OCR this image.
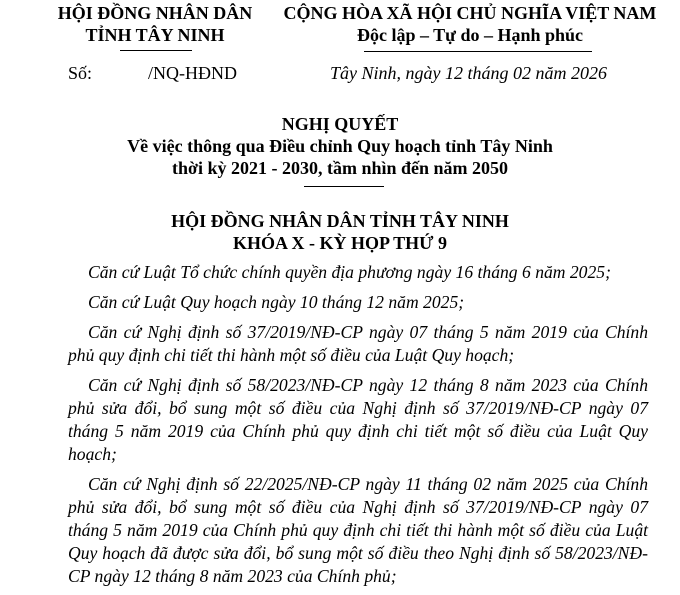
HỘI ĐỒNG NHÂN DÂN
TỈNH TÂY NINH
CỘNG HÒA XÃ HỘI CHỦ NGHĨA VIỆT NAM
Độc lập – Tự do – Hạnh phúc
Số:	/NQ-HĐND	Tây Ninh, ngày 12 tháng 02 năm 2026
NGHỊ QUYẾT
Về việc thông qua Điều chỉnh Quy hoạch tỉnh Tây Ninh
thời kỳ 2021 - 2030, tầm nhìn đến năm 2050
HỘI ĐỒNG NHÂN DÂN TỈNH TÂY NINH
KHÓA X - KỲ HỌP THỨ 9

Căn cứ Luật Tổ chức chính quyền địa phương ngày 16 tháng 6 năm 2025;

Căn cứ Luật Quy hoạch ngày 10 tháng 12 năm 2025;

Căn cứ Nghị định số 37/2019/NĐ-CP ngày 07 tháng 5 năm 2019 của Chính phủ quy định chi tiết thi hành một số điều của Luật Quy hoạch;

Căn cứ Nghị định số 58/2023/NĐ-CP ngày 12 tháng 8 năm 2023 của Chính phủ sửa đổi, bổ sung một số điều của Nghị định số 37/2019/NĐ-CP ngày 07 tháng 5 năm 2019 của Chính phủ quy định chi tiết một số điều của Luật Quy hoạch;

Căn cứ Nghị định số 22/2025/NĐ-CP ngày 11 tháng 02 năm 2025 của Chính phủ sửa đổi, bổ sung một số điều của Nghị định số 37/2019/NĐ-CP ngày 07 tháng 5 năm 2019 của Chính phủ quy định chi tiết thi hành một số điều của Luật Quy hoạch đã được sửa đổi, bổ sung một số điều theo Nghị định số 58/2023/NĐ-CP ngày 12 tháng 8 năm 2023 của Chính phủ;
